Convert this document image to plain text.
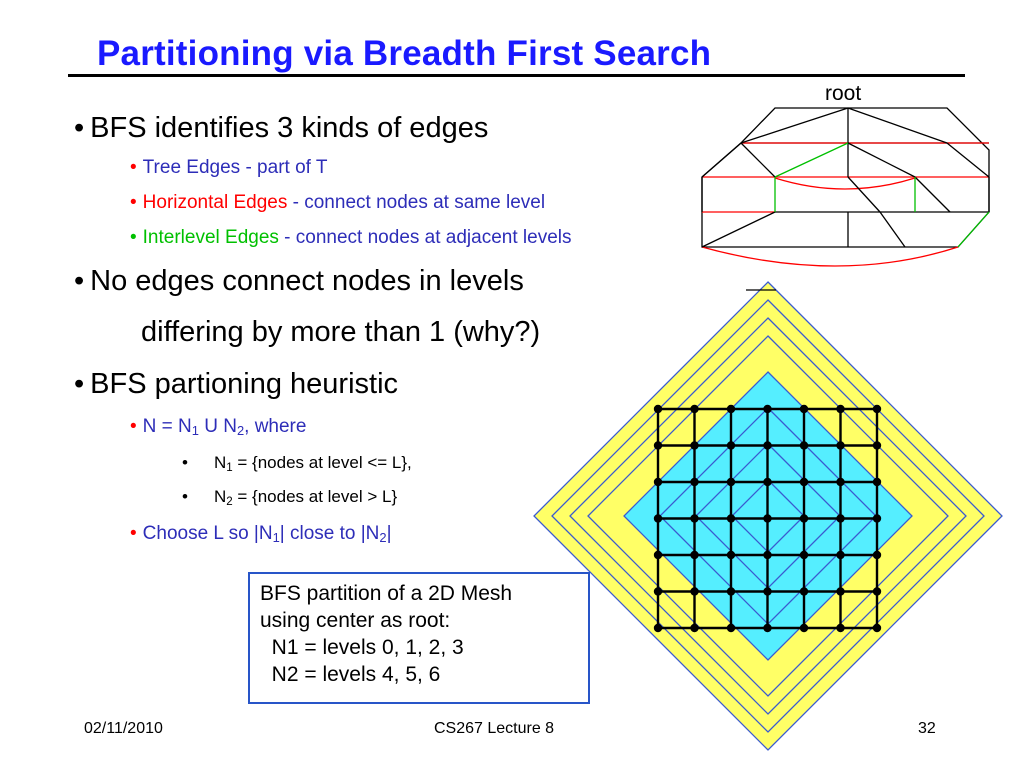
Partitioning via Breadth First Search
• BFS identifies 3 kinds of edges
• Tree Edges - part of T
• Horizontal Edges - connect nodes at same level
• Interlevel Edges - connect nodes at adjacent levels
• No edges connect nodes in levels
differing by more than 1 (why?)
• BFS partioning heuristic
• $N = N_1$ U $N_2$, where
• $N_1$ = {nodes at level <= L},
• $N_2$ = {nodes at level > L}
• Choose L so $|N_1|$ close to $|N_2|$
root
BFS partition of a 2D Mesh
using center as root:
N1 = levels 0, 1, 2, 3
N2 = levels 4, 5, 6
02/11/2010	CS267 Lecture 8	32
